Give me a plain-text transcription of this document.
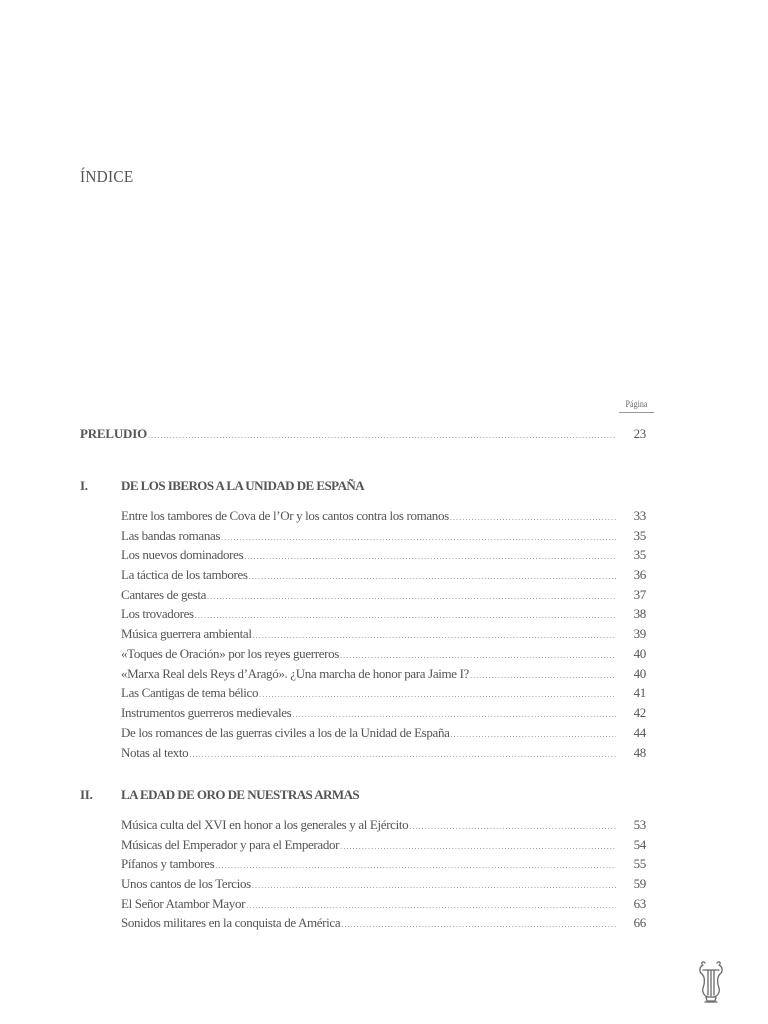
ÍNDICE
Página
PRELUDIO .....	23
I.	DE LOS IBEROS A LA UNIDAD DE ESPAÑA
Entre los tambores de Cova de l’Or y los cantos contra los romanos .....	33
Las bandas romanas .....	35
Los nuevos dominadores .....	35
La táctica de los tambores .....	36
Cantares de gesta .....	37
Los trovadores .....	38
Música guerrera ambiental .....	39
«Toques de Oración» por los reyes guerreros .....	40
«Marxa Real dels Reys d’Aragó». ¿Una marcha de honor para Jaime I? .....	40
Las Cantigas de tema bélico .....	41
Instrumentos guerreros medievales .....	42
De los romances de las guerras civiles a los de la Unidad de España .....	44
Notas al texto .....	48
II. LA EDAD DE ORO DE NUESTRAS ARMAS
Música culta del XVI en honor a los generales y al Ejército .....	53
Músicas del Emperador y para el Emperador .....	54
Pífanos y tambores .....	55
Unos cantos de los Tercios .....	59
El Señor Atambor Mayor .....	63
Sonidos militares en la conquista de América .....	66
